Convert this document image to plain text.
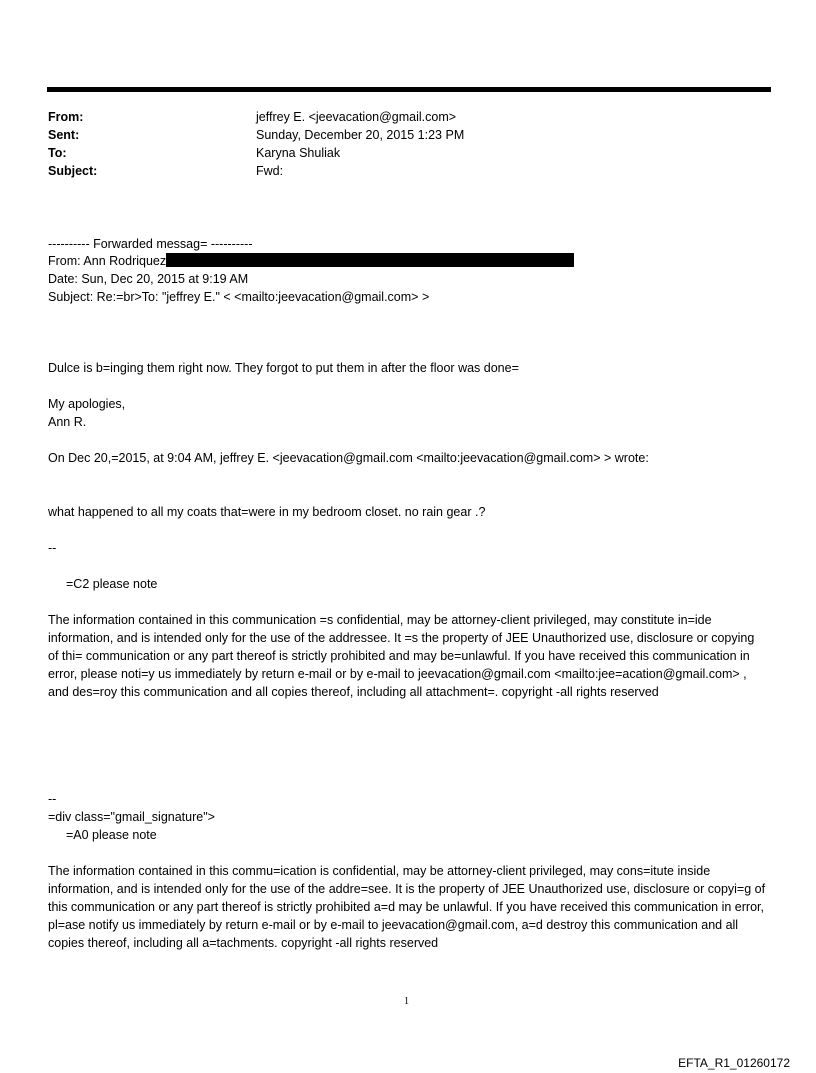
From:	jeffrey E. <jeevacation@gmail.com>
Sent:	Sunday, December 20, 2015 1:23 PM
To:	Karyna Shuliak
Subject:	Fwd:
---------- Forwarded messag= ----------
From: Ann Rodriquez
Date: Sun, Dec 20, 2015 at 9:19 AM
Subject: Re:=br>To: "jeffrey E." < <mailto:jeevacation@gmail.com> >
Dulce is b=inging them right now. They forgot to put them in after the floor was done=
My apologies,
Ann R.
On Dec 20,=2015, at 9:04 AM, jeffrey E. <jeevacation@gmail.com <mailto:jeevacation@gmail.com> > wrote:
what happened to all my coats that=were in my bedroom closet. no rain gear .?
--
=C2 please note
The information contained in this communication =s confidential, may be attorney-client privileged, may constitute in=ide information, and is intended only for the use of the addressee. It =s the property of JEE Unauthorized use, disclosure or copying of thi= communication or any part thereof is strictly prohibited and may be=unlawful. If you have received this communication in error, please noti=y us immediately by return e-mail or by e-mail to jeevacation@gmail.com <mailto:jee=acation@gmail.com> , and des=roy this communication and all copies thereof, including all attachment=. copyright -all rights reserved
--
=div class="gmail_signature">
=A0 please note
The information contained in this commu=ication is confidential, may be attorney-client privileged, may cons=itute inside information, and is intended only for the use of the addre=see. It is the property of JEE Unauthorized use, disclosure or copyi=g of this communication or any part thereof is strictly prohibited a=d may be unlawful. If you have received this communication in error, pl=ase notify us immediately by return e-mail or by e-mail to jeevacation@gmail.com, a=d destroy this communication and all copies thereof, including all a=tachments. copyright -all rights reserved
1
EFTA_R1_01260172
